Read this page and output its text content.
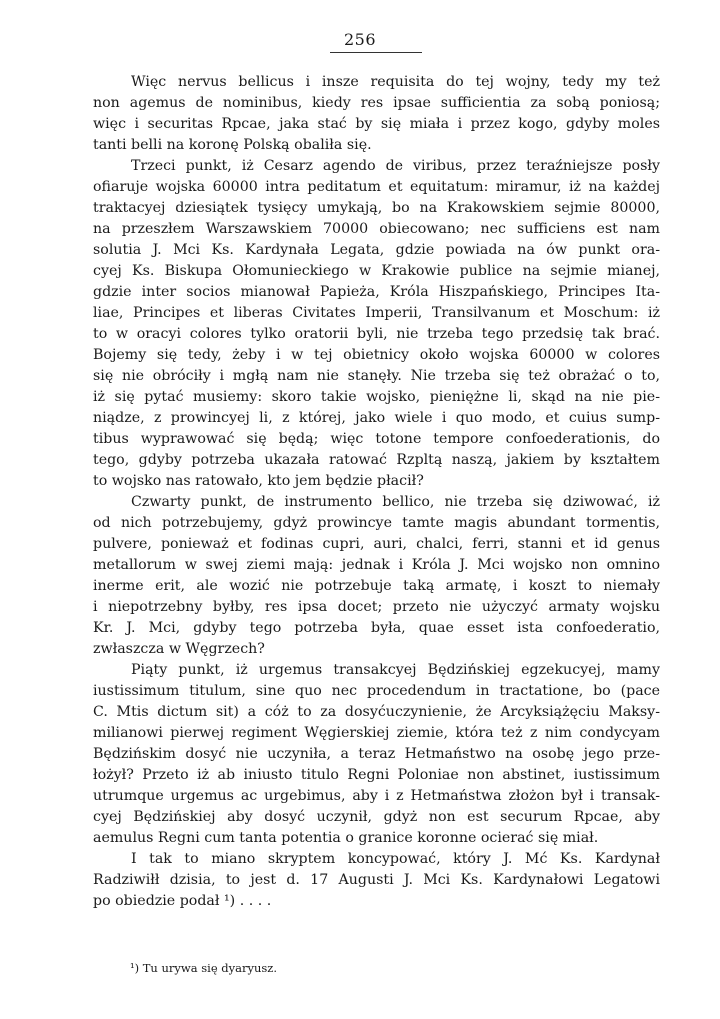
256
Więc nervus bellicus i insze requisita do tej wojny, tedy my też
non agemus de nominibus, kiedy res ipsae sufficientia za sobą poniosą;
więc i securitas Rpcae, jaka stać by się miała i przez kogo, gdyby moles
tanti belli na koronę Polską obaliła się.
Trzeci punkt, iż Cesarz agendo de viribus, przez teraźniejsze posły
ofiaruje wojska 60000 intra peditatum et equitatum: miramur, iż na każdej
traktacyej dziesiątek tysięcy umykają, bo na Krakowskiem sejmie 80000,
na przeszłem Warszawskiem 70000 obiecowano; nec sufficiens est nam
solutia J. Mci Ks. Kardynała Legata, gdzie powiada na ów punkt ora-
cyej Ks. Biskupa Ołomunieckiego w Krakowie publice na sejmie mianej,
gdzie inter socios mianował Papieża, Króla Hiszpańskiego, Principes Ita-
liae, Principes et liberas Civitates Imperii, Transilvanum et Moschum: iż
to w oracyi colores tylko oratorii byli, nie trzeba tego przedsię tak brać.
Bojemy się tedy, żeby i w tej obietnicy około wojska 60000 w colores
się nie obróciły i mgłą nam nie stanęły. Nie trzeba się też obrażać o to,
iż się pytać musiemy: skoro takie wojsko, pieniężne li, skąd na nie pie-
niądze, z prowincyej li, z której, jako wiele i quo modo, et cuius sump-
tibus wyprawować się będą; więc totone tempore confoederationis, do
tego, gdyby potrzeba ukazała ratować Rzpltą naszą, jakiem by kształtem
to wojsko nas ratowało, kto jem będzie płacił?
Czwarty punkt, de instrumento bellico, nie trzeba się dziwować, iż
od nich potrzebujemy, gdyż prowincye tamte magis abundant tormentis,
pulvere, ponieważ et fodinas cupri, auri, chalci, ferri, stanni et id genus
metallorum w swej ziemi mają: jednak i Króla J. Mci wojsko non omnino
inerme erit, ale wozić nie potrzebuje taką armatę, i koszt to niemały
i niepotrzebny byłby, res ipsa docet; przeto nie użyczyć armaty wojsku
Kr. J. Mci, gdyby tego potrzeba była, quae esset ista confoederatio,
zwłaszcza w Węgrzech?
Piąty punkt, iż urgemus transakcyej Będzińskiej egzekucyej, mamy
iustissimum titulum, sine quo nec procedendum in tractatione, bo (pace
C. Mtis dictum sit) a cóż to za dosyćuczynienie, że Arcyksiążęciu Maksy-
milianowi pierwej regiment Węgierskiej ziemie, która też z nim condycyam
Będzińskim dosyć nie uczyniła, a teraz Hetmaństwo na osobę jego prze-
łożył? Przeto iż ab iniusto titulo Regni Poloniae non abstinet, iustissimum
utrumque urgemus ac urgebimus, aby i z Hetmaństwa złożon był i transak-
cyej Będzińskiej aby dosyć uczynił, gdyż non est securum Rpcae, aby
aemulus Regni cum tanta potentia o granice koronne ocierać się miał.
I tak to miano skryptem koncypować, który J. Mć Ks. Kardynał
Radziwiłł dzisia, to jest d. 17 Augusti J. Mci Ks. Kardynałowi Legatowi
po obiedzie podał ¹) . . . .
¹) Tu urywa się dyaryusz.
